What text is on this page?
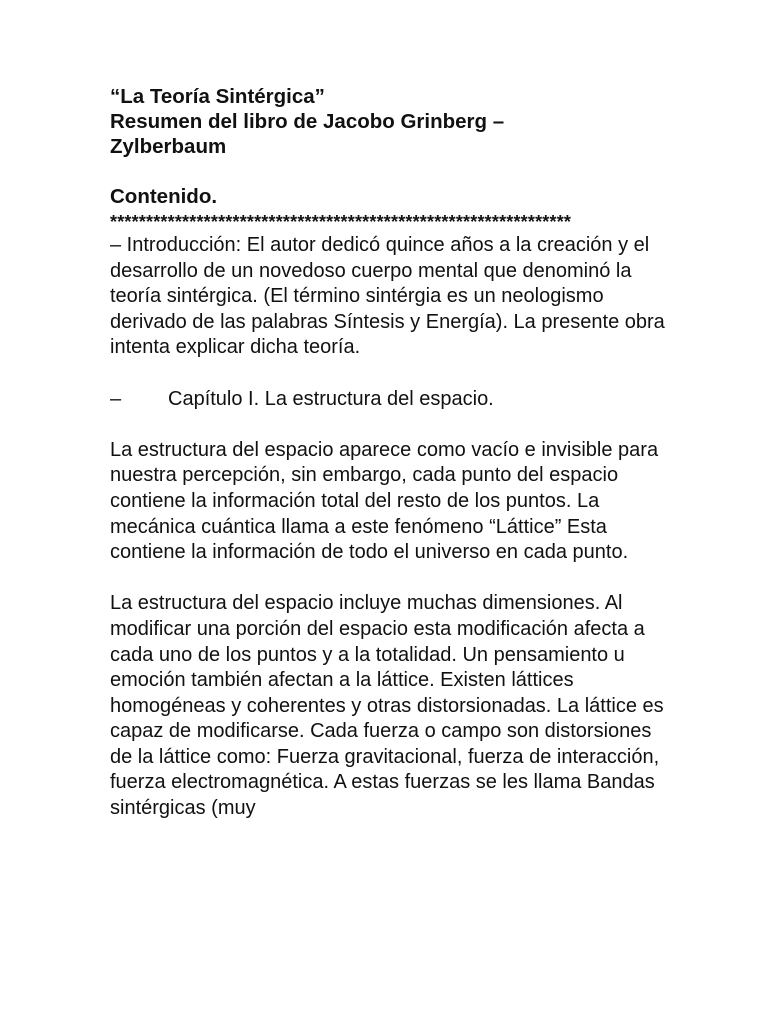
“La Teoría Sintérgica”
Resumen del libro de Jacobo Grinberg –
Zylberbaum
Contenido.
****************************************************************

– Introducción: El autor dedicó quince años a la creación y el desarrollo de un novedoso cuerpo mental que denominó la teoría sintérgica. (El término sintérgia es un neologismo derivado de las palabras Síntesis y Energía). La presente obra intenta explicar dicha teoría.

– Capítulo I. La estructura del espacio.

La estructura del espacio aparece como vacío e invisible para nuestra percepción, sin embargo, cada punto del espacio contiene la información total del resto de los puntos. La mecánica cuántica llama a este fenómeno “Láttice” Esta contiene la información de todo el universo en cada punto.

La estructura del espacio incluye muchas dimensiones. Al modificar una porción del espacio esta modificación afecta a cada uno de los puntos y a la totalidad. Un pensamiento u emoción también afectan a la láttice. Existen láttices homogéneas y coherentes y otras distorsionadas. La láttice es capaz de modificarse. Cada fuerza o campo son distorsiones de la láttice como: Fuerza gravitacional, fuerza de interacción, fuerza electromagnética. A estas fuerzas se les llama Bandas sintérgicas (muy
